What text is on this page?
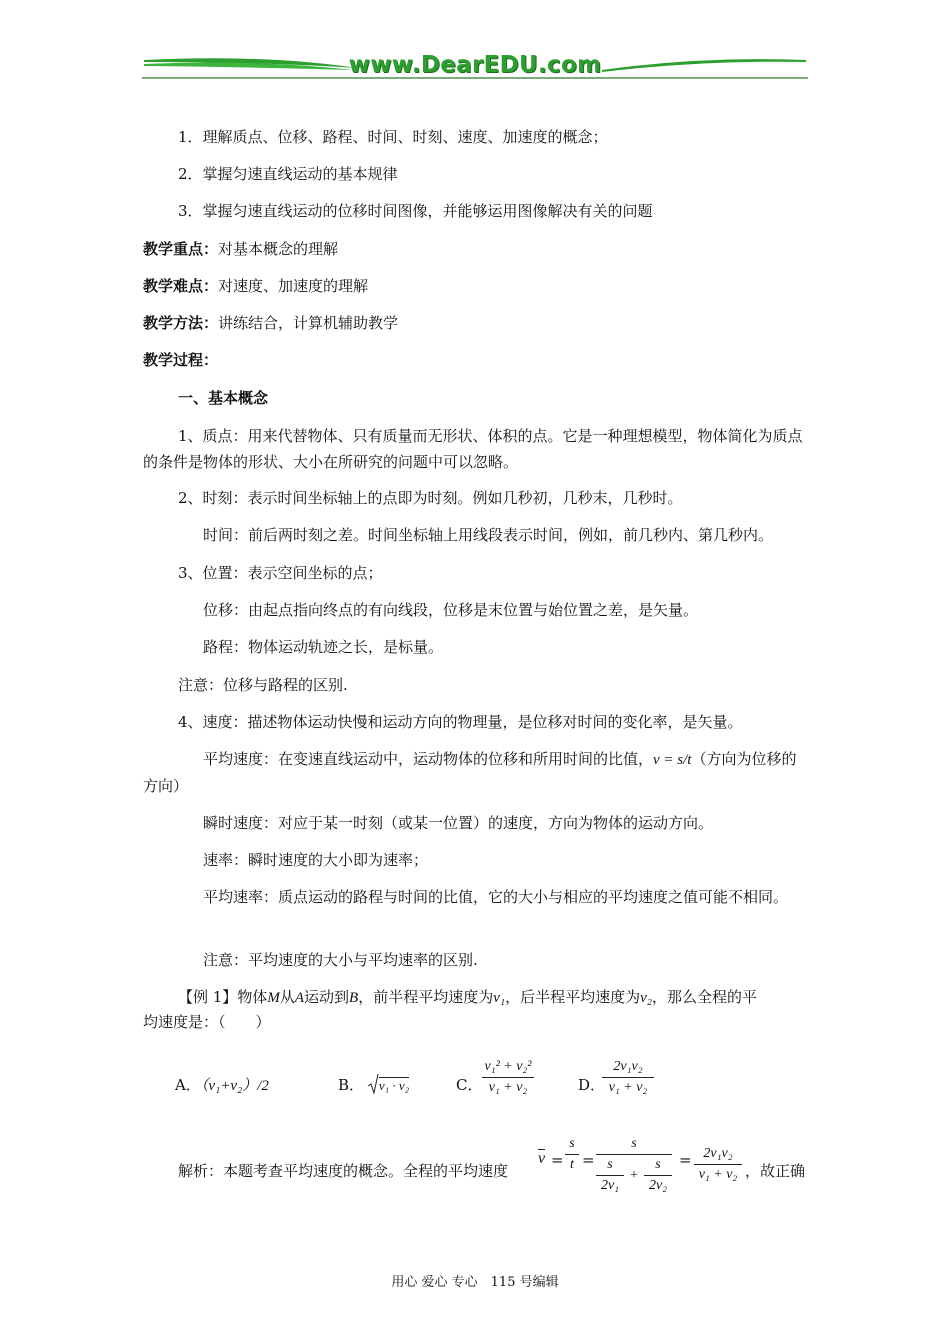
www.DearEDU.com
1．理解质点、位移、路程、时间、时刻、速度、加速度的概念；
2．掌握匀速直线运动的基本规律
3．掌握匀速直线运动的位移时间图像，并能够运用图像解决有关的问题
教学重点：对基本概念的理解
教学难点：对速度、加速度的理解
教学方法：讲练结合，计算机辅助教学
教学过程：
一、基本概念
1、质点：用来代替物体、只有质量而无形状、体积的点。它是一种理想模型，物体简化为质点的条件是物体的形状、大小在所研究的问题中可以忽略。
2、时刻：表示时间坐标轴上的点即为时刻。例如几秒初，几秒末，几秒时。
时间：前后两时刻之差。时间坐标轴上用线段表示时间，例如，前几秒内、第几秒内。
3、位置：表示空间坐标的点；
位移：由起点指向终点的有向线段，位移是末位置与始位置之差，是矢量。
路程：物体运动轨迹之长，是标量。
注意：位移与路程的区别.
4、速度：描述物体运动快慢和运动方向的物理量，是位移对时间的变化率，是矢量。
平均速度：在变速直线运动中，运动物体的位移和所用时间的比值，v = s/t（方向为位移的方向）
瞬时速度：对应于某一时刻（或某一位置）的速度，方向为物体的运动方向。
速率：瞬时速度的大小即为速率；
平均速率：质点运动的路程与时间的比值，它的大小与相应的平均速度之值可能不相同。
注意：平均速度的大小与平均速率的区别.
【例 1】物体M从A运动到B，前半程平均速度为v₁，后半程平均速度为v₂，那么全程的平
均速度是：（　　）
A．（v₁+v₂）/2	B． v₁ · v₂	C．
v₁² + v₂²
v₁ + v₂	D．
2v₁v₂
v₁ + v₂
解析：本题考查平均速度的概念。全程的平均速度
v =
s
t =
s
$\frac{s}{\text{2v₁}} + \frac{s}{\text{2v₂}} = 2v_1v_2$
v₁ + v₂ ，故正确
用心 爱心 专心　115 号编辑
